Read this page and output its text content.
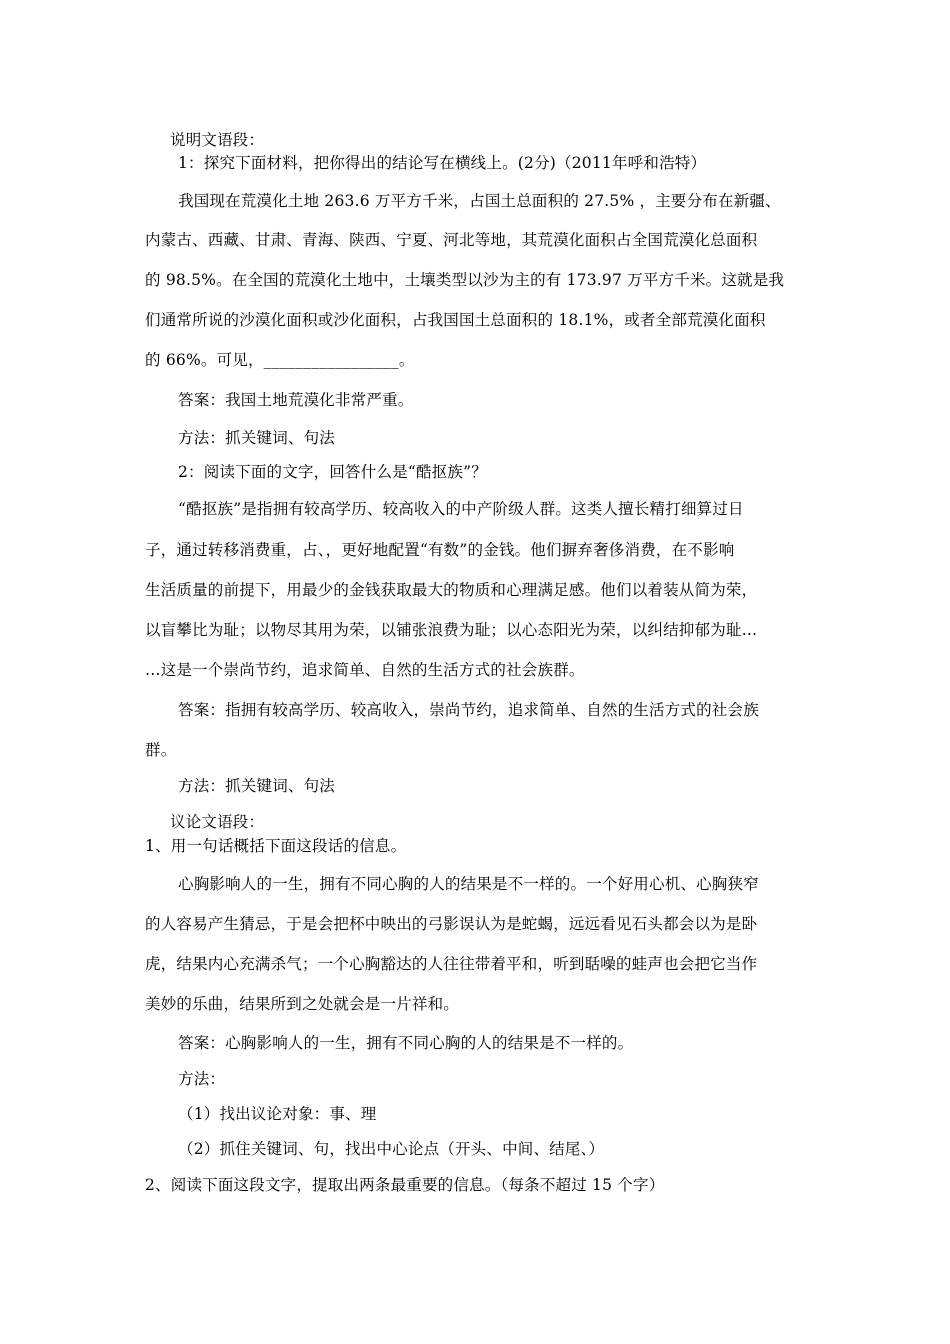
说明文语段：
1：探究下面材料，把你得出的结论写在横线上。(2分)（2011年呼和浩特）
我国现在荒漠化土地 263.6 万平方千米，占国土总面积的 27.5% ，主要分布在新疆、
内蒙古、西藏、甘肃、青海、陕西、宁夏、河北等地，其荒漠化面积占全国荒漠化总面积
的 98.5%。在全国的荒漠化土地中，土壤类型以沙为主的有 173.97 万平方千米。这就是我
们通常所说的沙漠化面积或沙化面积，占我国国土总面积的 18.1%，或者全部荒漠化面积
的 66%。可见，_________________。
答案：我国土地荒漠化非常严重。
方法：抓关键词、句法
2：阅读下面的文字，回答什么是“酷抠族”？
“酷抠族”是指拥有较高学历、较高收入的中产阶级人群。这类人擅长精打细算过日
子，通过转移消费重，占、，更好地配置“有数”的金钱。他们摒弃奢侈消费，在不影响
生活质量的前提下，用最少的金钱获取最大的物质和心理满足感。他们以着装从简为荣，
以盲攀比为耻；以物尽其用为荣，以铺张浪费为耻；以心态阳光为荣，以纠结抑郁为耻…
…这是一个崇尚节约，追求简单、自然的生活方式的社会族群。
答案：指拥有较高学历、较高收入，崇尚节约，追求简单、自然的生活方式的社会族
群。
方法：抓关键词、句法
议论文语段：
1、用一句话概括下面这段话的信息。
心胸影响人的一生，拥有不同心胸的人的结果是不一样的。一个好用心机、心胸狭窄
的人容易产生猜忌，于是会把杯中映出的弓影误认为是蛇蝎，远远看见石头都会以为是卧
虎，结果内心充满杀气；一个心胸豁达的人往往带着平和，听到聒噪的蛙声也会把它当作
美妙的乐曲，结果所到之处就会是一片祥和。
答案：心胸影响人的一生，拥有不同心胸的人的结果是不一样的。
方法：
（1）找出议论对象：事、理
（2）抓住关键词、句，找出中心论点（开头、中间、结尾、）
2、阅读下面这段文字，提取出两条最重要的信息。（每条不超过 15 个字）
